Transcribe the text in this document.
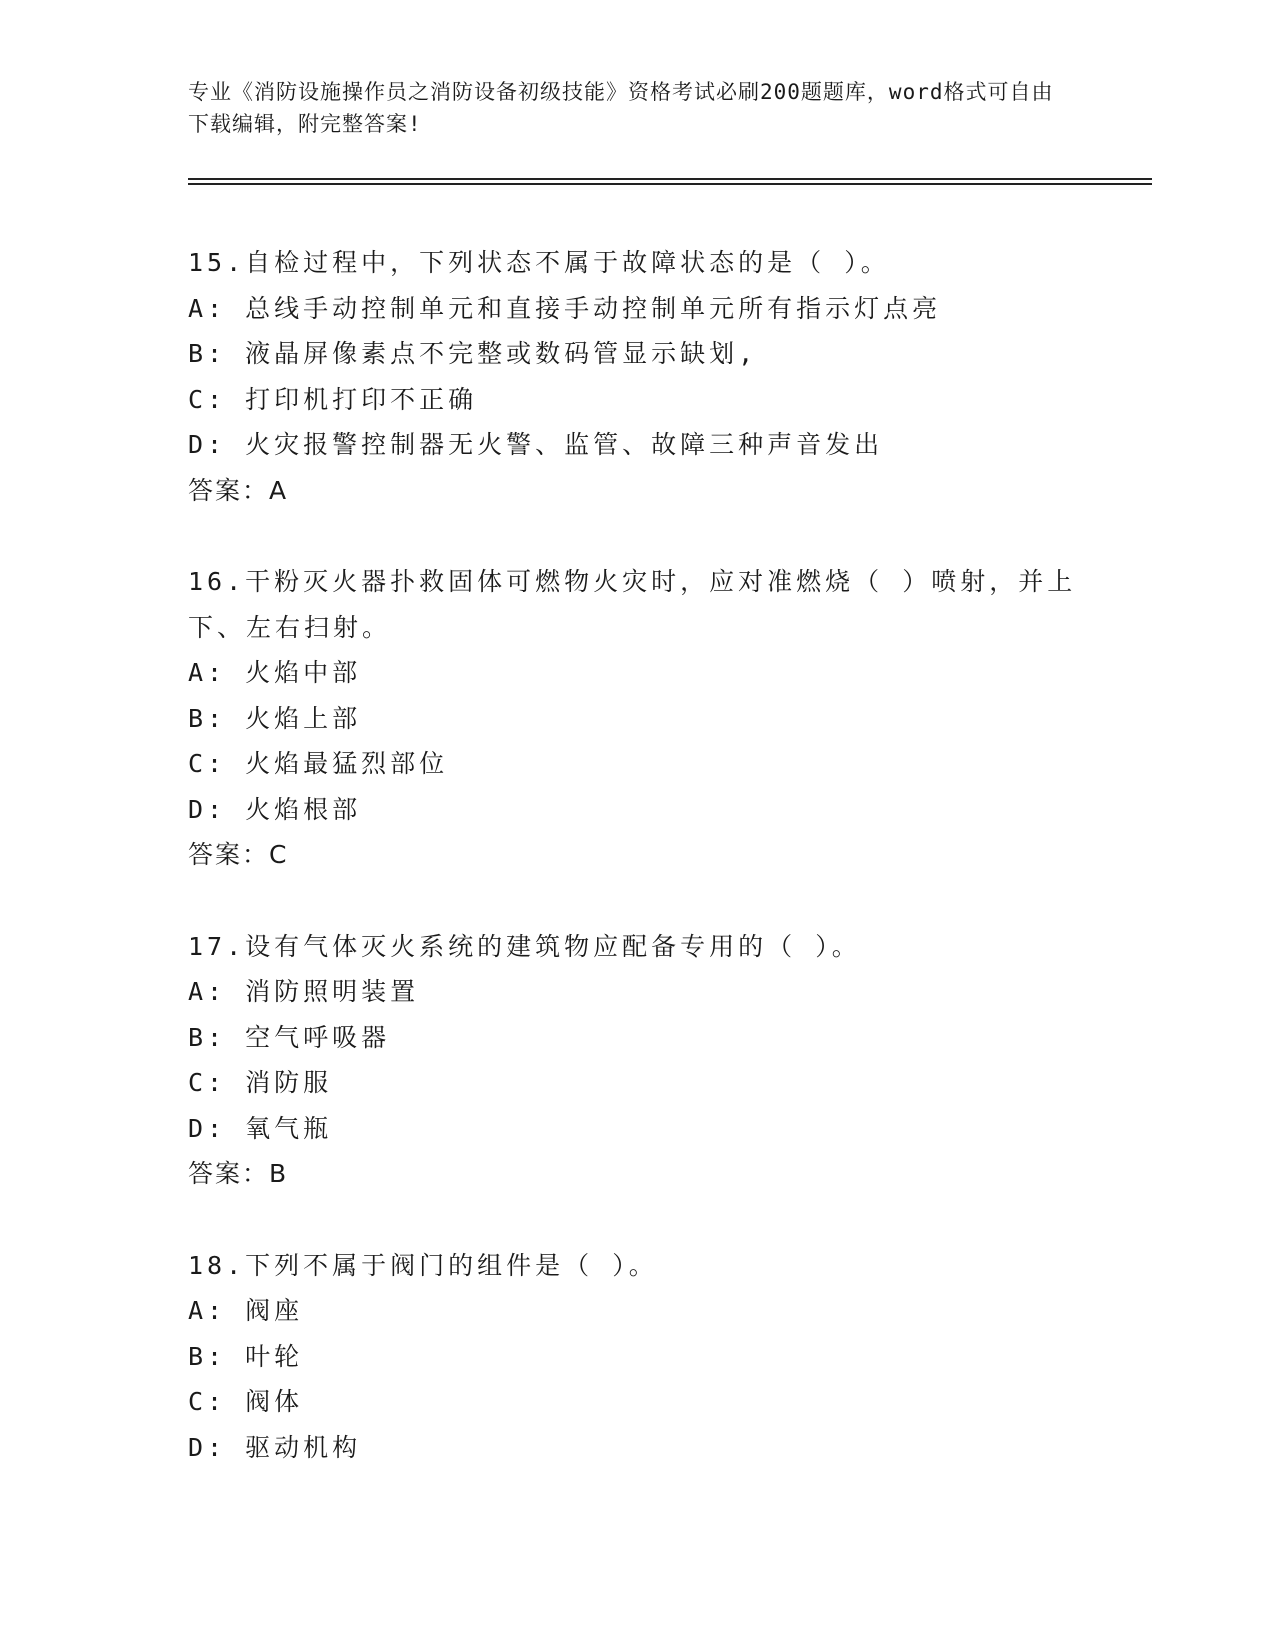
专业《消防设施操作员之消防设备初级技能》资格考试必刷200题题库，word格式可自由下载编辑，附完整答案!
15.自检过程中，下列状态不属于故障状态的是（ ）。
A: 总线手动控制单元和直接手动控制单元所有指示灯点亮
B: 液晶屏像素点不完整或数码管显示缺划,
C: 打印机打印不正确
D: 火灾报警控制器无火警、监管、故障三种声音发出
答案：A
16.干粉灭火器扑救固体可燃物火灾时，应对准燃烧（ ）喷射，并上下、左右扫射。
A: 火焰中部
B: 火焰上部
C: 火焰最猛烈部位
D: 火焰根部
答案：C
17.设有气体灭火系统的建筑物应配备专用的（ ）。
A: 消防照明装置
B: 空气呼吸器
C: 消防服
D: 氧气瓶
答案：B
18.下列不属于阀门的组件是（ ）。
A: 阀座
B: 叶轮
C: 阀体
D: 驱动机构
